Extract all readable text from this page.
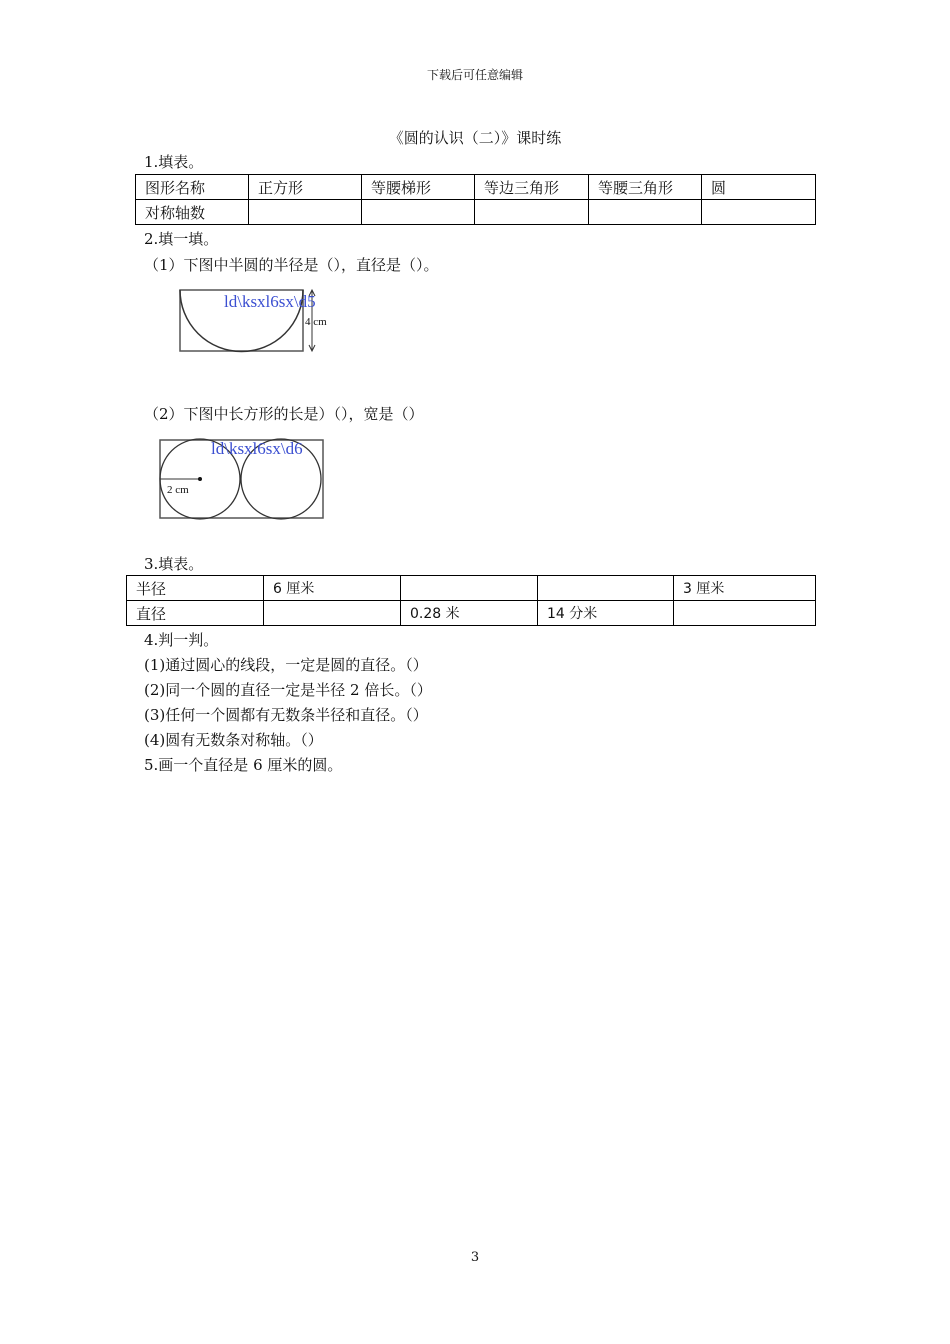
下载后可任意编辑
《圆的认识（二）》课时练
1.填表。
图形名称	正方形	等腰梯形	等边三角形	等腰三角形	圆
对称轴数					
2.填一填。
（1）下图中半圆的半径是（），直径是（）。
4 cm
ld\ksxl6sx\d5
（2）下图中长方形的长是）（），宽是（）
2 cm
ld\ksxl6sx\d6
3.填表。
半径	6 厘米			3 厘米
直径		0.28 米	14 分米	
4.判一判。
(1)通过圆心的线段，一定是圆的直径。（）
(2)同一个圆的直径一定是半径 2 倍长。（）
(3)任何一个圆都有无数条半径和直径。（）
(4)圆有无数条对称轴。（）
5.画一个直径是 6 厘米的圆。
3
